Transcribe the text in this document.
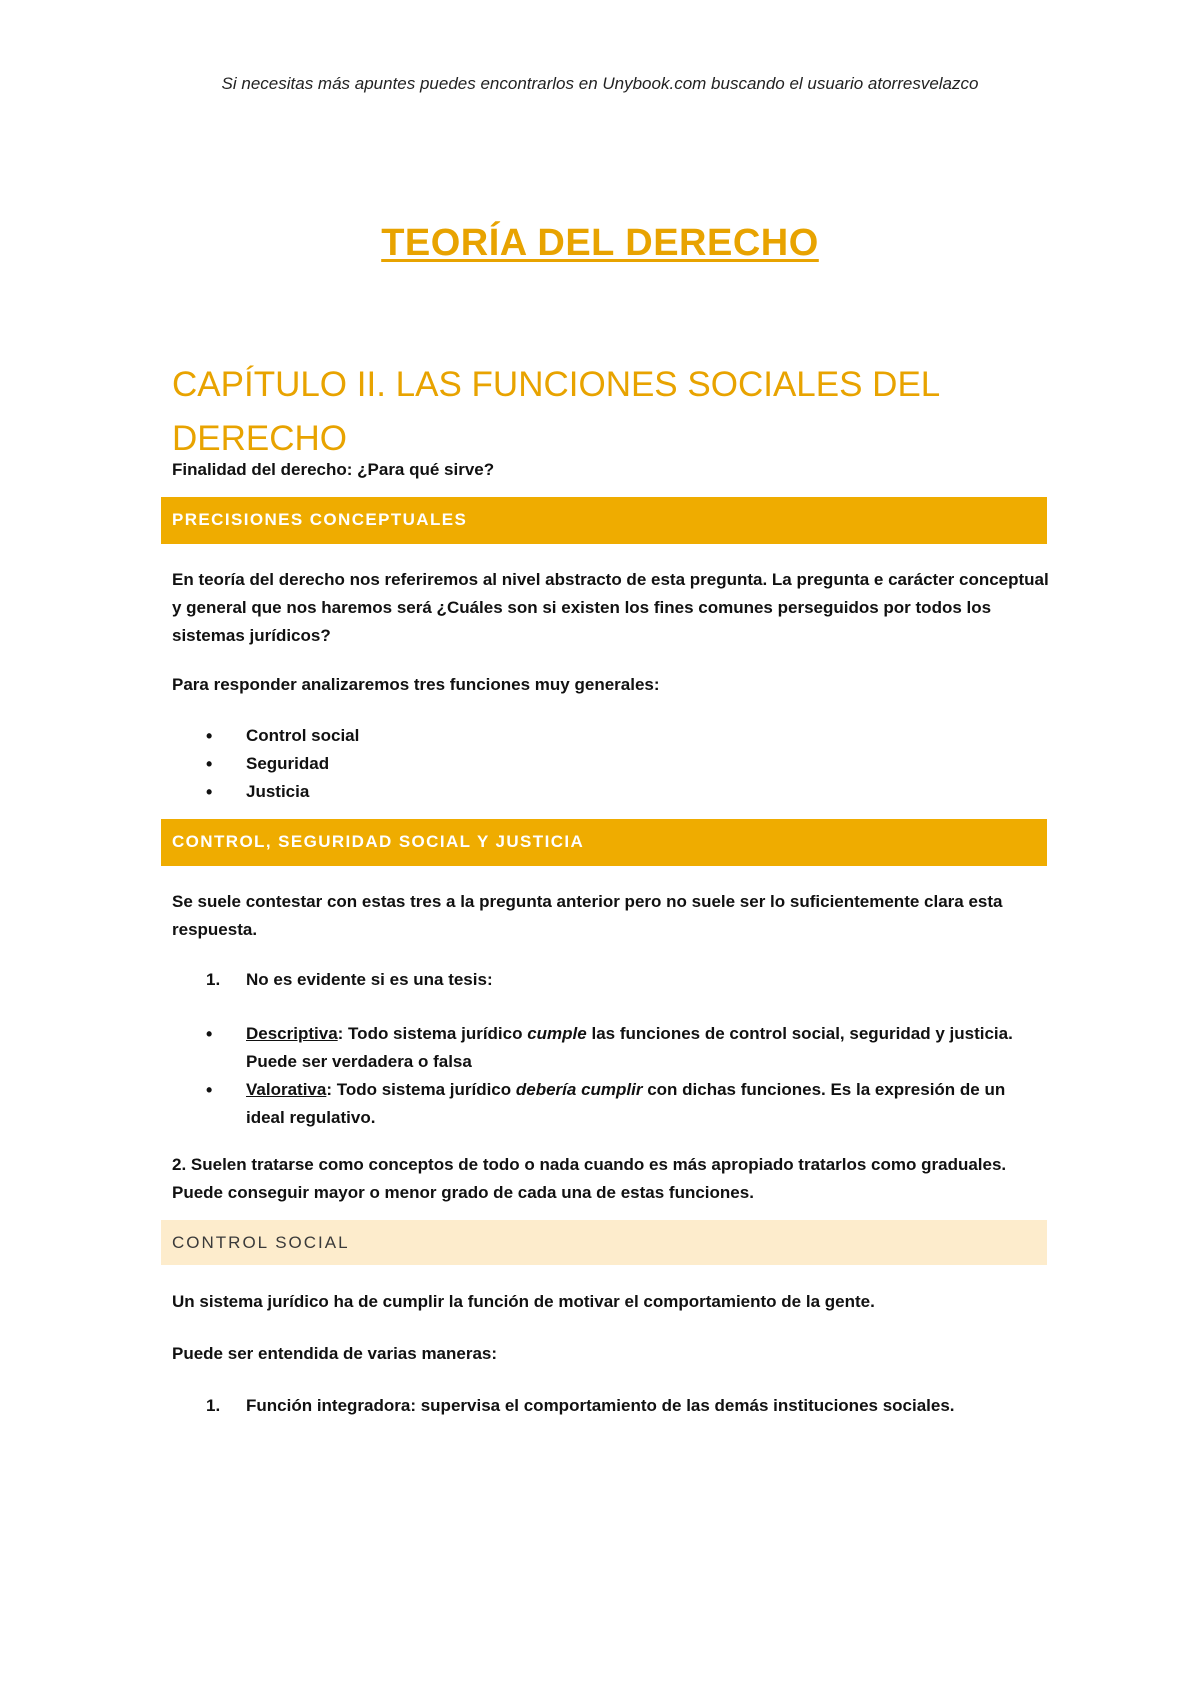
Si necesitas más apuntes puedes encontrarlos en Unybook.com buscando el usuario atorresvelazco
TEORÍA DEL DERECHO
CAPÍTULO II. LAS FUNCIONES SOCIALES DEL DERECHO
Finalidad del derecho: ¿Para qué sirve?
PRECISIONES CONCEPTUALES
En teoría del derecho nos referiremos al nivel abstracto de esta pregunta. La pregunta e carácter conceptual y general que nos haremos será ¿Cuáles son si existen los fines comunes perseguidos por todos los sistemas jurídicos?
Para responder analizaremos tres funciones muy generales:
• Control social
• Seguridad
• Justicia
CONTROL, SEGURIDAD SOCIAL Y JUSTICIA
Se suele contestar con estas tres a la pregunta anterior pero no suele ser lo suficientemente clara esta respuesta.
1. No es evidente si es una tesis:
• Descriptiva: Todo sistema jurídico cumple las funciones de control social, seguridad y justicia. Puede ser verdadera o falsa
• Valorativa: Todo sistema jurídico debería cumplir con dichas funciones. Es la expresión de un ideal regulativo.
2. Suelen tratarse como conceptos de todo o nada cuando es más apropiado tratarlos como graduales. Puede conseguir mayor o menor grado de cada una de estas funciones.
CONTROL SOCIAL
Un sistema jurídico ha de cumplir la función de motivar el comportamiento de la gente.
Puede ser entendida de varias maneras:
1. Función integradora: supervisa el comportamiento de las demás instituciones sociales.
